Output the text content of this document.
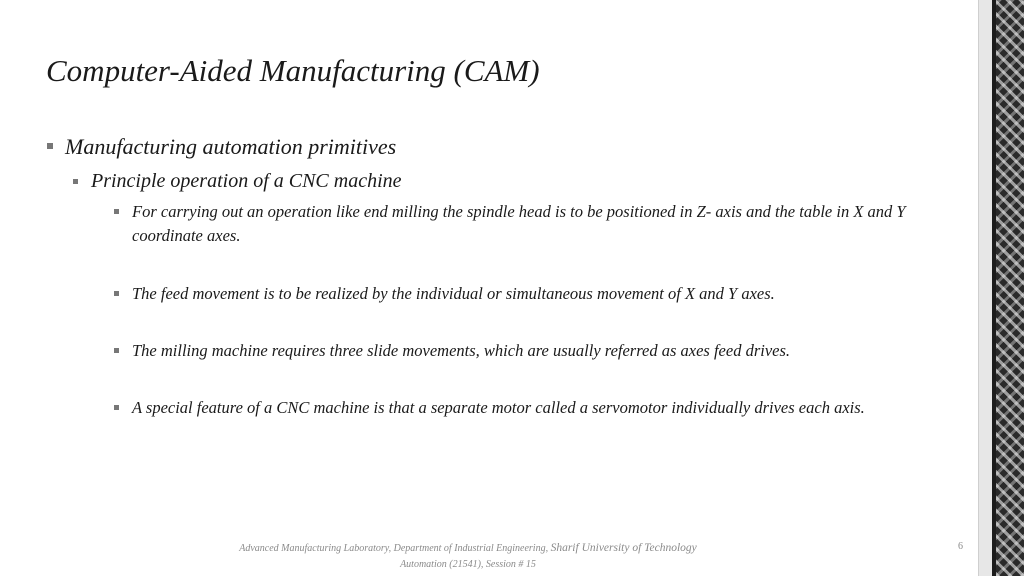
Computer-Aided Manufacturing (CAM)
Manufacturing automation primitives
Principle operation of a CNC machine
For carrying out an operation like end milling the spindle head is to be positioned in Z- axis and the table in X and Y coordinate axes.
The feed movement is to be realized by the individual or simultaneous movement of X and Y axes.
The milling machine requires three slide movements, which are usually referred as axes feed drives.
A special feature of a CNC machine is that a separate motor called a servomotor individually drives each axis.
Advanced Manufacturing Laboratory, Department of Industrial Engineering, Sharif University of Technology
Automation (21541), Session # 15
6
